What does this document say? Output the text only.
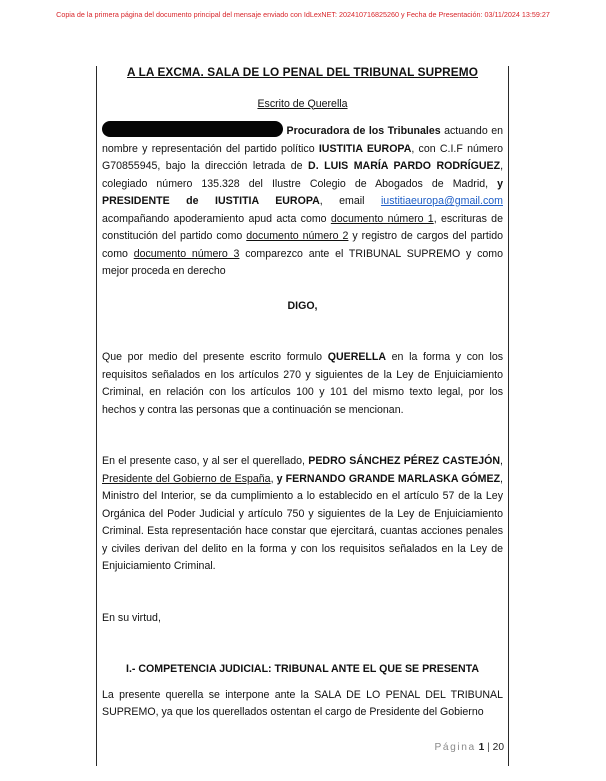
Copia de la primera página del documento principal del mensaje enviado con IdLexNET: 202410716825260 y Fecha de Presentación: 03/11/2024 13:59:27
A LA EXCMA. SALA DE LO PENAL DEL TRIBUNAL SUPREMO
Escrito de Querella

Procuradora de los Tribunales actuando en nombre y representación del partido político IUSTITIA EUROPA, con C.I.F número G70855945, bajo la dirección letrada de D. LUIS MARÍA PARDO RODRÍGUEZ, colegiado número 135.328 del Ilustre Colegio de Abogados de Madrid, y PRESIDENTE de IUSTITIA EUROPA, email iustitiaeuropa@gmail.com acompañando apoderamiento apud acta como documento número 1, escrituras de constitución del partido como documento número 2 y registro de cargos del partido como documento número 3 comparezco ante el TRIBUNAL SUPREMO y como mejor proceda en derecho

DIGO,

Que por medio del presente escrito formulo QUERELLA en la forma y con los requisitos señalados en los artículos 270 y siguientes de la Ley de Enjuiciamiento Criminal, en relación con los artículos 100 y 101 del mismo texto legal, por los hechos y contra las personas que a continuación se mencionan.

En el presente caso, y al ser el querellado, PEDRO SÁNCHEZ PÉREZ CASTEJÓN, Presidente del Gobierno de España, y FERNANDO GRANDE MARLASKA GÓMEZ, Ministro del Interior, se da cumplimiento a lo establecido en el artículo 57 de la Ley Orgánica del Poder Judicial y artículo 750 y siguientes de la Ley de Enjuiciamiento Criminal. Esta representación hace constar que ejercitará, cuantas acciones penales y civiles derivan del delito en la forma y con los requisitos señalados en la Ley de Enjuiciamiento Criminal.

En su virtud,

I.- COMPETENCIA JUDICIAL: TRIBUNAL ANTE EL QUE SE PRESENTA

La presente querella se interpone ante la SALA DE LO PENAL DEL TRIBUNAL SUPREMO, ya que los querellados ostentan el cargo de Presidente del Gobierno

Página 1 | 20
